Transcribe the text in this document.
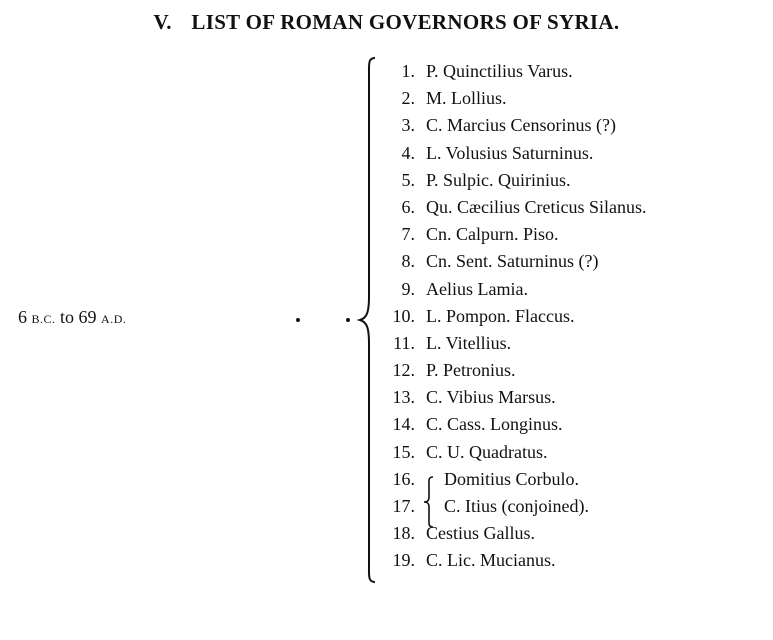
V. LIST OF ROMAN GOVERNORS OF SYRIA.
6 B.C. to 69 A.D.
1. P. Quinctilius Varus.
2. M. Lollius.
3. C. Marcius Censorinus (?)
4. L. Volusius Saturninus.
5. P. Sulpic. Quirinius.
6. Qu. Cæcilius Creticus Silanus.
7. Cn. Calpurn. Piso.
8. Cn. Sent. Saturninus (?)
9. Aelius Lamia.
10. L. Pompon. Flaccus.
11. L. Vitellius.
12. P. Petronius.
13. C. Vibius Marsus.
14. C. Cass. Longinus.
15. C. U. Quadratus.
16. Domitius Corbulo.
17. C. Itius (conjoined).
18. Cestius Gallus.
19. C. Lic. Mucianus.
